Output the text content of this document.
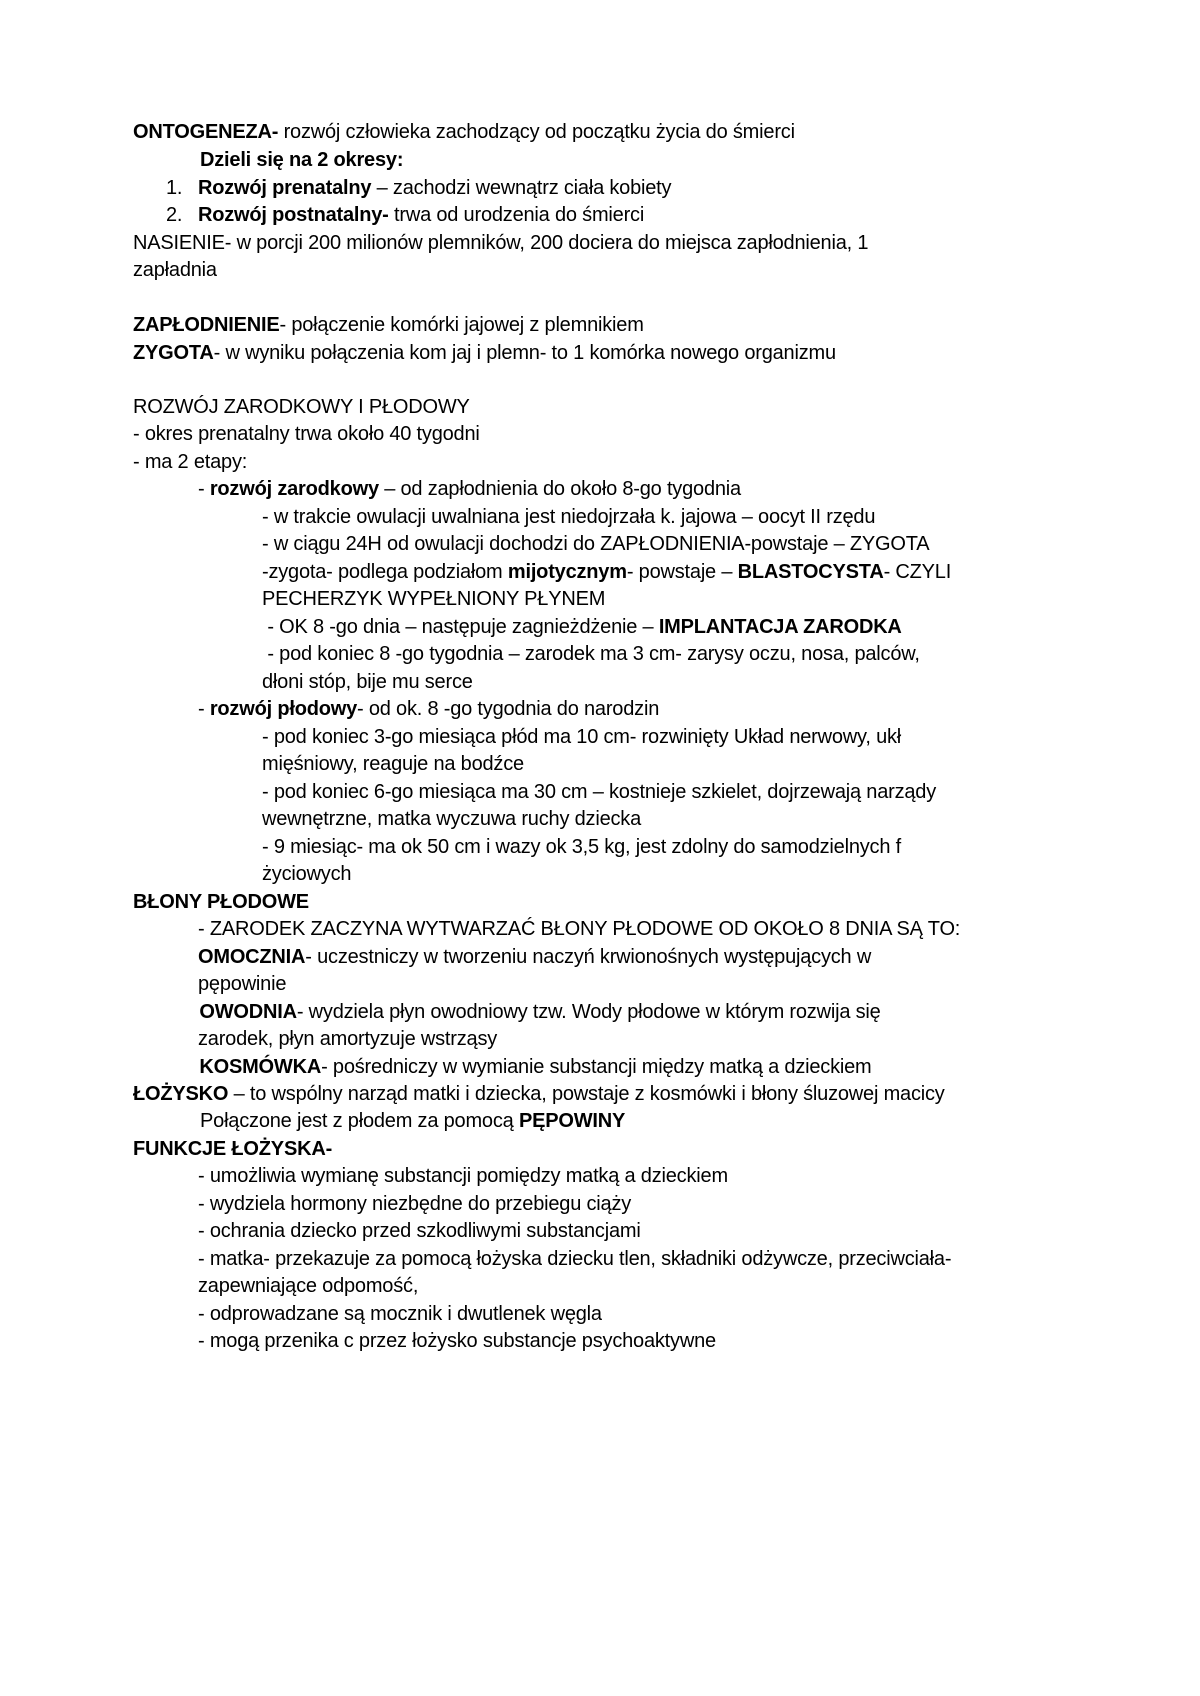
ONTOGENEZA- rozwój człowieka zachodzący od początku życia do śmierci

Dzieli się na 2 okresy:

1. Rozwój prenatalny – zachodzi wewnątrz ciała kobiety

2. Rozwój postnatalny- trwa od urodzenia do śmierci

NASIENIE- w porcji 200 milionów plemników, 200 dociera do miejsca zapłodnienia, 1

zapładnia

ZAPŁODNIENIE- połączenie komórki jajowej z plemnikiem

ZYGOTA- w wyniku połączenia kom jaj i plemn- to 1 komórka nowego organizmu

ROZWÓJ ZARODKOWY I PŁODOWY

- okres prenatalny trwa około 40 tygodni

- ma 2 etapy:

- rozwój zarodkowy – od zapłodnienia do około 8-go tygodnia

- w trakcie owulacji uwalniana jest niedojrzała k. jajowa – oocyt II rzędu

- w ciągu 24H od owulacji dochodzi do ZAPŁODNIENIA-powstaje – ZYGOTA

-zygota- podlega podziałom mijotycznym- powstaje – BLASTOCYSTA- CZYLI

PECHERZYK WYPEŁNIONY PŁYNEM

- OK 8 -go dnia – następuje zagnieżdżenie – IMPLANTACJA ZARODKA

- pod koniec 8 -go tygodnia – zarodek ma 3 cm- zarysy oczu, nosa, palców,

dłoni stóp, bije mu serce

- rozwój płodowy- od ok. 8 -go tygodnia do narodzin

- pod koniec 3-go miesiąca płód ma 10 cm- rozwinięty Układ nerwowy, ukł

mięśniowy, reaguje na bodźce

- pod koniec 6-go miesiąca ma 30 cm – kostnieje szkielet, dojrzewają narządy

wewnętrzne, matka wyczuwa ruchy dziecka

- 9 miesiąc- ma ok 50 cm i wazy ok 3,5 kg, jest zdolny do samodzielnych f

życiowych

BŁONY PŁODOWE

- ZARODEK ZACZYNA WYTWARZAĆ BŁONY PŁODOWE OD OKOŁO 8 DNIA SĄ TO:

OMOCZNIA- uczestniczy w tworzeniu naczyń krwionośnych występujących w

pępowinie

OWODNIA- wydziela płyn owodniowy tzw. Wody płodowe w którym rozwija się

zarodek, płyn amortyzuje wstrząsy

KOSMÓWKA- pośredniczy w wymianie substancji między matką a dzieckiem

ŁOŻYSKO – to wspólny narząd matki i dziecka, powstaje z kosmówki i błony śluzowej macicy

Połączone jest z płodem za pomocą PĘPOWINY

FUNKCJE ŁOŻYSKA-

- umożliwia wymianę substancji pomiędzy matką a dzieckiem

- wydziela hormony niezbędne do przebiegu ciąży

- ochrania dziecko przed szkodliwymi substancjami

- matka- przekazuje za pomocą łożyska dziecku tlen, składniki odżywcze, przeciwciała-

zapewniające odpomość,

- odprowadzane są mocznik i dwutlenek węgla

- mogą przenika c przez łożysko substancje psychoaktywne
